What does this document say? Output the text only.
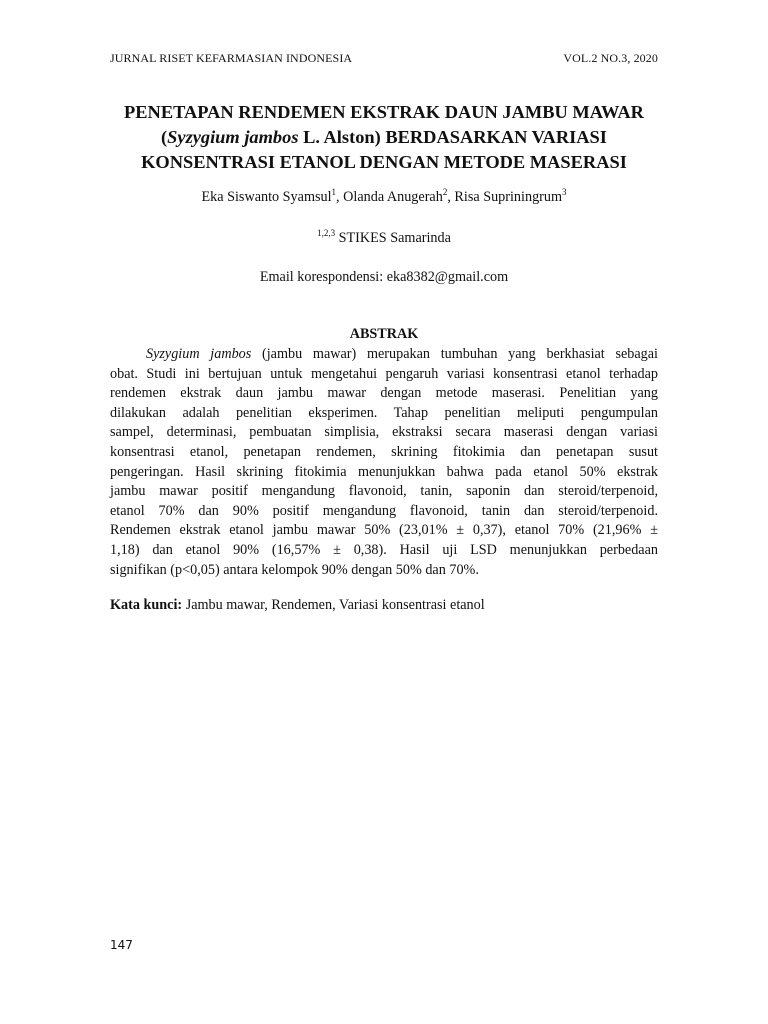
JURNAL RISET KEFARMASIAN INDONESIA	VOL.2 NO.3, 2020
PENETAPAN RENDEMEN EKSTRAK DAUN JAMBU MAWAR
(Syzygium jambos L. Alston) BERDASARKAN VARIASI
KONSENTRASI ETANOL DENGAN METODE MASERASI
Eka Siswanto Syamsul$^1$, Olanda Anugerah$^2$, Risa Supriningrum$^3$
$^{1,2,3}$ STIKES Samarinda
Email korespondensi: eka8382@gmail.com
ABSTRAK
Syzygium jambos (jambu mawar) merupakan tumbuhan yang berkhasiat sebagai
obat. Studi ini bertujuan untuk mengetahui pengaruh variasi konsentrasi etanol terhadap
rendemen ekstrak daun jambu mawar dengan metode maserasi. Penelitian yang
dilakukan adalah penelitian eksperimen. Tahap penelitian meliputi pengumpulan
sampel, determinasi, pembuatan simplisia, ekstraksi secara maserasi dengan variasi
konsentrasi etanol, penetapan rendemen, skrining fitokimia dan penetapan susut
pengeringan. Hasil skrining fitokimia menunjukkan bahwa pada etanol 50% ekstrak
jambu mawar positif mengandung flavonoid, tanin, saponin dan steroid/terpenoid,
etanol 70% dan 90% positif mengandung flavonoid, tanin dan steroid/terpenoid.
Rendemen ekstrak etanol jambu mawar 50% (23,01% ± 0,37), etanol 70% (21,96% ±
1,18) dan etanol 90% (16,57% ± 0,38). Hasil uji LSD menunjukkan perbedaan
signifikan (p<0,05) antara kelompok 90% dengan 50% dan 70%.
Kata kunci: Jambu mawar, Rendemen, Variasi konsentrasi etanol
147
